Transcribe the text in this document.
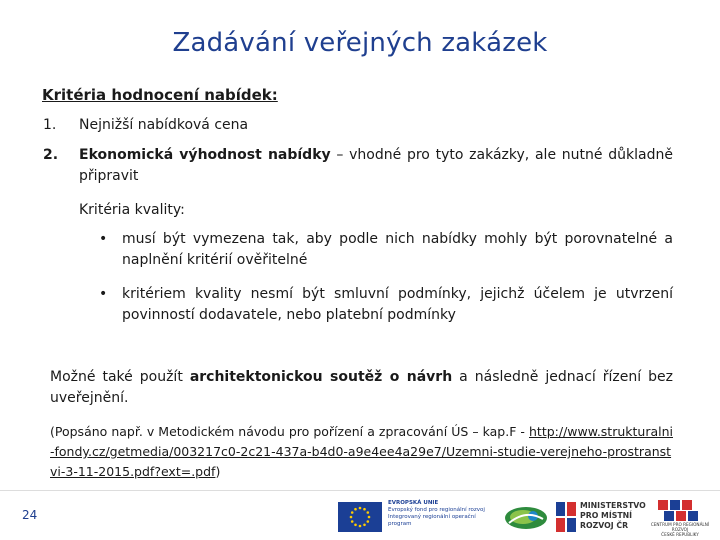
Zadávání veřejných zakázek
Kritéria hodnocení nabídek:
1. Nejnižší nabídková cena
2. Ekonomická výhodnost nabídky – vhodné pro tyto zakázky, ale nutné důkladně připravit
Kritéria kvality:
• musí být vymezena tak, aby podle nich nabídky mohly být porovnatelné a naplnění kritérií ověřitelné
• kritériem kvality nesmí být smluvní podmínky, jejichž účelem je utvrzení povinností dodavatele, nebo platební podmínky
Možné také použít architektonickou soutěž o návrh a následně jednací řízení bez uveřejnění.
(Popsáno např. v Metodickém návodu pro pořízení a zpracování ÚS – kap.F - http://www.strukturalni-fondy.cz/getmedia/003217c0-2c21-437a-b4d0-a9e4ee4a29e7/Uzemni-studie-verejneho-prostranstvi-3-11-2015.pdf?ext=.pdf)
24
EVROPSKÁ UNIE
Evropský fond pro regionální rozvoj
Integrovaný regionální operační program
MINISTERSTVO
PRO MÍSTNÍ
ROZVOJ ČR	CENTRUM PRO REGIONÁLNÍ ROZVOJ
ČESKÉ REPUBLIKY
